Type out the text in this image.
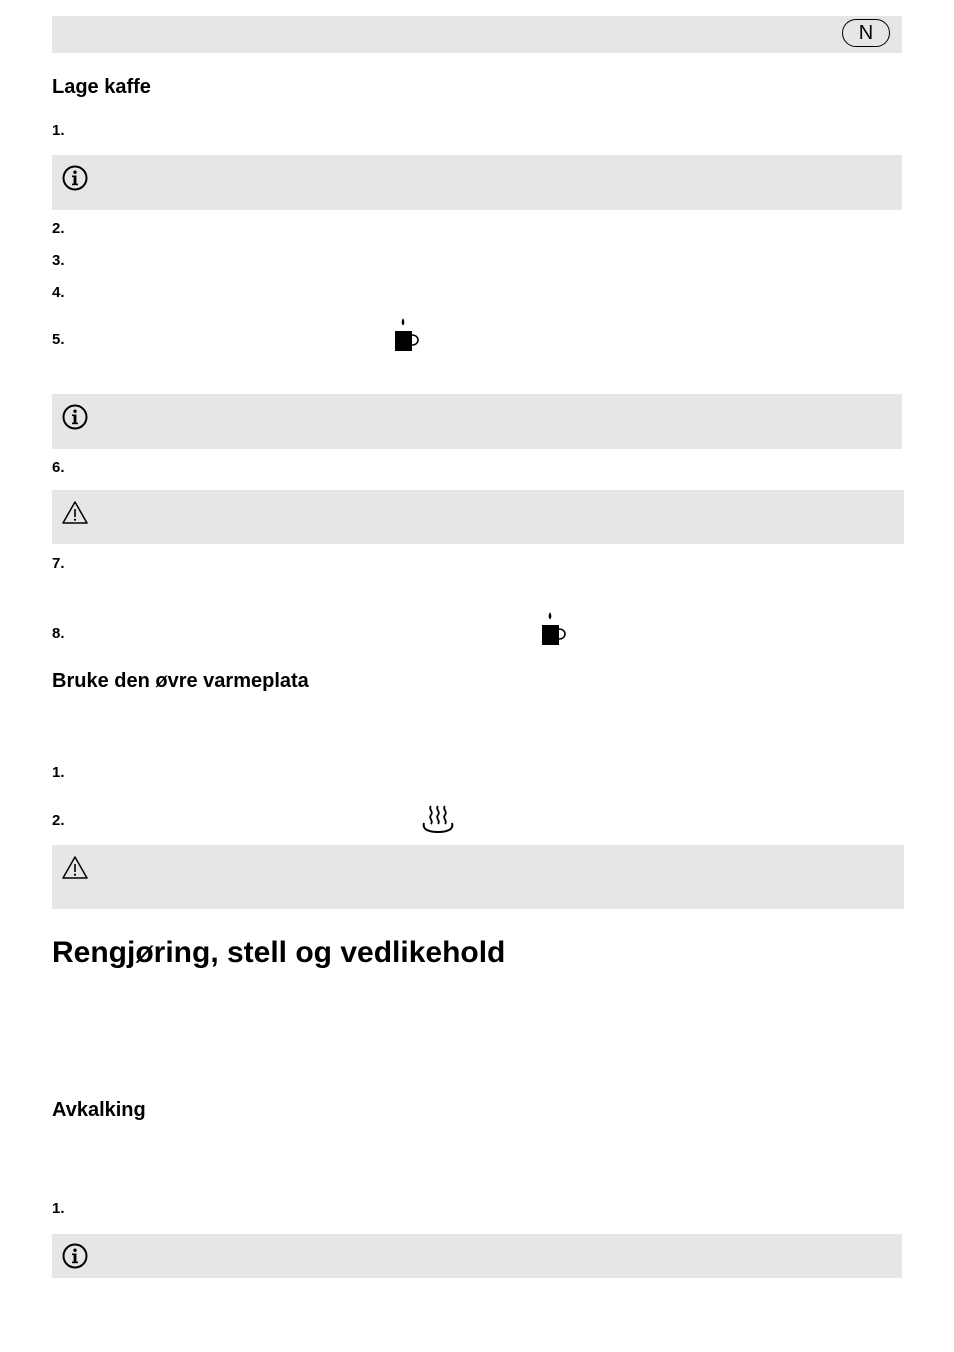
N
Lage kaffe
1.
2.
3.
4.
5.
6.
7.
8.
Bruke den øvre varmeplata
1.
2.
Rengjøring, stell og vedlikehold
Avkalking
1.
